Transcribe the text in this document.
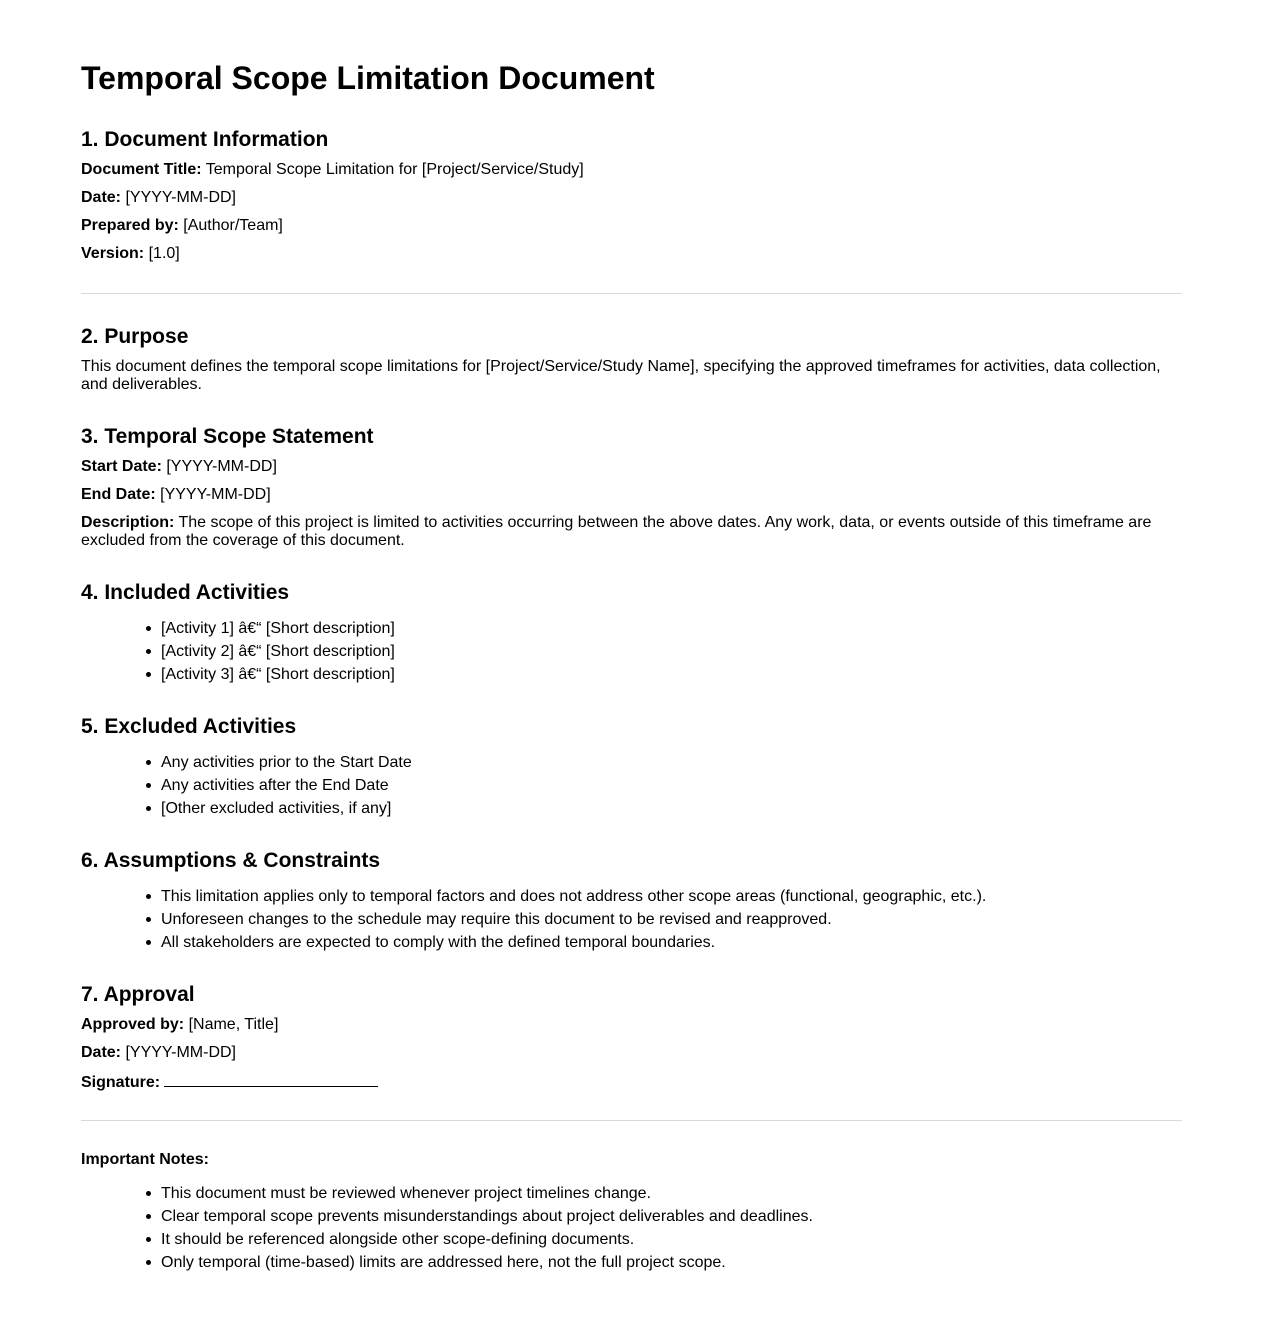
Temporal Scope Limitation Document
1. Document Information

Document Title: Temporal Scope Limitation for [Project/Service/Study]

Date: [YYYY-MM-DD]

Prepared by: [Author/Team]

Version: [1.0]

2. Purpose

This document defines the temporal scope limitations for [Project/Service/Study Name], specifying the approved timeframes for activities, data collection, and deliverables.

3. Temporal Scope Statement

Start Date: [YYYY-MM-DD]

End Date: [YYYY-MM-DD]

Description: The scope of this project is limited to activities occurring between the above dates. Any work, data, or events outside of this timeframe are excluded from the coverage of this document.

4. Included Activities
[Activity 1] â€“ [Short description]
[Activity 2] â€“ [Short description]
[Activity 3] â€“ [Short description]
5. Excluded Activities
Any activities prior to the Start Date
Any activities after the End Date
[Other excluded activities, if any]
6. Assumptions & Constraints
This limitation applies only to temporal factors and does not address other scope areas (functional, geographic, etc.).
Unforeseen changes to the schedule may require this document to be revised and reapproved.
All stakeholders are expected to comply with the defined temporal boundaries.
7. Approval

Approved by: [Name, Title]

Date: [YYYY-MM-DD]

Signature:

Important Notes:

This document must be reviewed whenever project timelines change.
Clear temporal scope prevents misunderstandings about project deliverables and deadlines.
It should be referenced alongside other scope-defining documents.
Only temporal (time-based) limits are addressed here, not the full project scope.
